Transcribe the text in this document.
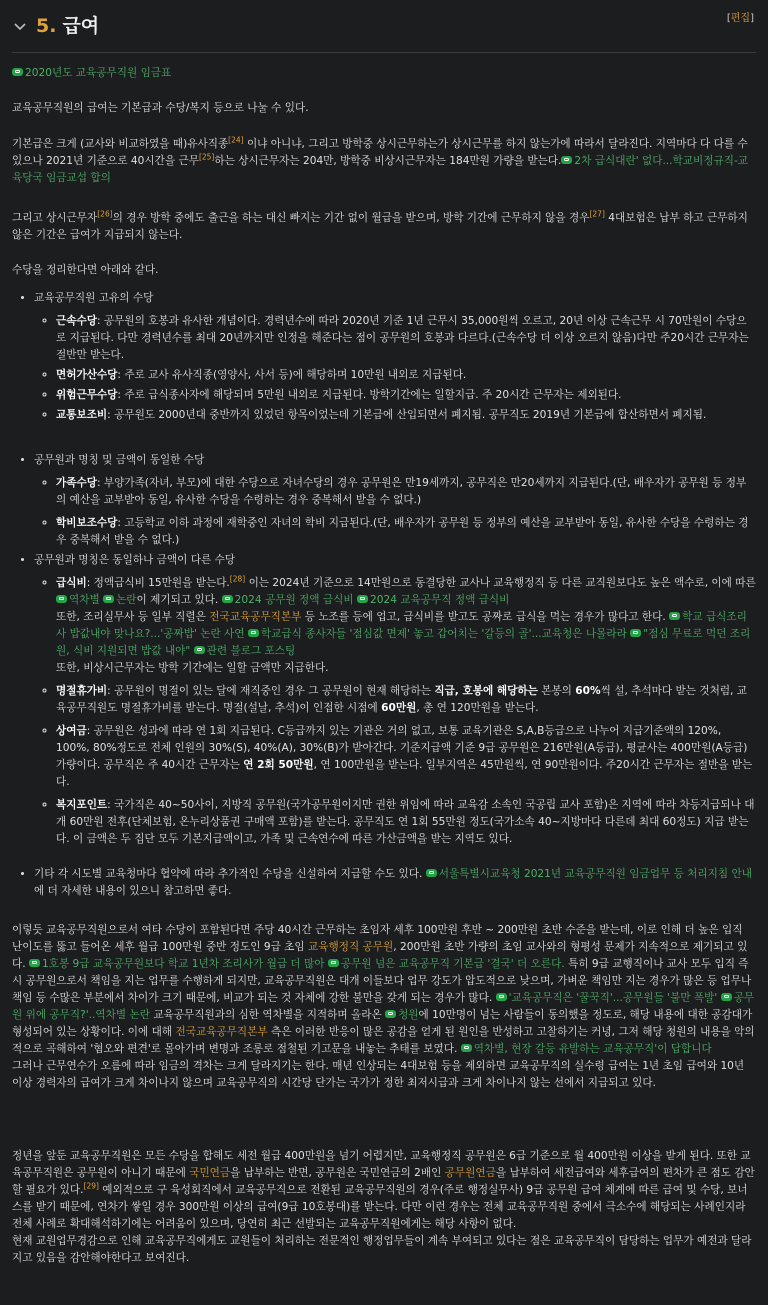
5. 급여	[편집]

2020년도 교육공무직원 임금표

교육공무직원의 급여는 기본급과 수당/복지 등으로 나눌 수 있다.

기본급은 크게 (교사와 비교하였을 때)유사직종[24] 이냐 아니냐, 그리고 방학중 상시근무하는가 상시근무를 하지 않는가에 따라서 달라진다. 지역마다 다 다를 수 있으나 2021년 기준으로 40시간을 근무[25]하는 상시근무자는 204만, 방학중 비상시근무자는 184만원 가량을 받는다. 2차 급식대란' 없다...학교비정규직-교육당국 임금교섭 합의

그리고 상시근무자[26]의 경우 방학 중에도 출근을 하는 대신 빠지는 기간 없이 월급을 받으며, 방학 기간에 근무하지 않을 경우[27] 4대보험은 납부 하고 근무하지 않은 기간은 급여가 지급되지 않는다.

수당을 정리한다면 아래와 같다.

• 교육공무직원 고유의 수당
◦ 근속수당: 공무원의 호봉과 유사한 개념이다. 경력년수에 따라 2020년 기준 1년 근무시 35,000원씩 오르고, 20년 이상 근속근무 시 70만원이 수당으로 지급된다. 다만 경력년수를 최대 20년까지만 인정을 해준다는 점이 공무원의 호봉과 다르다.(근속수당 더 이상 오르지 않음)다만 주20시간 근무자는 절반만 받는다.
◦ 면허가산수당: 주로 교사 유사직종(영양사, 사서 등)에 해당하며 10만원 내외로 지급된다.
◦ 위험근무수당: 주로 급식종사자에 해당되며 5만원 내외로 지급된다. 방학기간에는 일할지급. 주 20시간 근무자는 제외된다.
◦ 교통보조비: 공무원도 2000년대 중반까지 있었던 항목이었는데 기본급에 산입되면서 폐지됨. 공무직도 2019년 기본급에 합산하면서 폐지됨.
• 공무원과 명칭 및 금액이 동일한 수당
◦ 가족수당: 부양가족(자녀, 부모)에 대한 수당으로 자녀수당의 경우 공무원은 만19세까지, 공무직은 만20세까지 지급된다.(단, 배우자가 공무원 등 정부의 예산을 교부받아 동일, 유사한 수당을 수령하는 경우 중복해서 받을 수 없다.)
◦ 학비보조수당: 고등학교 이하 과정에 재학중인 자녀의 학비 지급된다.(단, 배우자가 공무원 등 정부의 예산을 교부받아 동일, 유사한 수당을 수령하는 경우 중복해서 받을 수 없다.)
• 공무원과 명칭은 동일하나 금액이 다른 수당
◦ 급식비: 정액급식비 15만원을 받는다.[28] 이는 2024년 기준으로 14만원으로 동결당한 교사나 교육행정직 등 다른 교직원보다도 높은 액수로, 이에 따른 역차별 논란이 제기되고 있다. 2024 공무원 정액 급식비 2024 교육공무직 정액 급식비
또한, 조리실무사 등 일부 직렬은 전국교육공무직본부 등 노조를 등에 업고, 급식비를 받고도 공짜로 급식을 먹는 경우가 많다고 한다. 학교 급식조리사 밥값내야 맞나요?...'공짜밥' 논란 사연 학교급식 종사자들 '점심값 면제' 놓고 갑어치는 '갈등의 골'...교육청은 나몰라라 "점심 무료로 먹던 조리원, 식비 지원되면 밥값 내야" 관련 블로그 포스팅
또한, 비상시근무자는 방학 기간에는 일할 금액만 지급한다.
◦ 명절휴가비: 공무원이 명절이 있는 달에 재직중인 경우 그 공무원이 현재 해당하는 직급, 호봉에 해당하는 본봉의 60%씩 설, 추석마다 받는 것처럼, 교육공무직원도 명절휴가비를 받는다. 명절(설날, 추석)이 인접한 시점에 60만원, 총 연 120만원을 받는다.
◦ 상여금: 공무원은 성과에 따라 연 1회 지급된다. C등급까지 있는 기관은 거의 없고, 보통 교육기관은 S,A,B등급으로 나누어 지급기준액의 120%, 100%, 80%정도로 전체 인원의 30%(S), 40%(A), 30%(B)가 받아간다. 기준지급액 기준 9급 공무원은 216만원(A등급), 평균사는 400만원(A등급) 가량이다. 공무직은 주 40시간 근무자는 연 2회 50만원, 연 100만원을 받는다. 일부지역은 45만원씩, 연 90만원이다. 주20시간 근무자는 절반을 받는다.
◦ 복지포인트: 국가직은 40~50사이, 지방직 공무원(국가공무원이지만 권한 위임에 따라 교육감 소속인 국공립 교사 포함)은 지역에 따라 차등지급되나 대개 60만원 전후(단체보험, 온누리상품권 구매액 포함)를 받는다. 공무직도 연 1회 55만원 정도(국가소속 40~지방마다 다른데 최대 60정도) 지급 받는다. 이 금액은 두 집단 모두 기본지급액이고, 가족 및 근속연수에 따른 가산금액을 받는 지역도 있다.
• 기타 각 시도별 교육청마다 협약에 따라 추가적인 수당을 신설하여 지급할 수도 있다. 서울특별시교육청 2021년 교육공무직원 임금업무 등 처리지침 안내에 더 자세한 내용이 있으니 참고하면 좋다.

이렇듯 교육공무직원으로서 여타 수당이 포함된다면 주당 40시간 근무하는 초임자 세후 100만원 후반 ~ 200만원 초반 수준을 받는데, 이로 인해 더 높은 입직 난이도를 뚫고 들어온 세후 월급 100만원 중반 정도인 9급 초임 교육행정직 공무원, 200만원 초반 가량의 초임 교사와의 형평성 문제가 지속적으로 제기되고 있다. 1호봉 9급 교육공무원보다 학교 1년차 조리사가 월급 더 많아 공무원 넘은 교육공무직 기본급 '결국' 더 오른다. 특히 9급 교행직이나 교사 모두 입직 즉시 공무원으로서 책임을 지는 업무를 수행하게 되지만, 교육공무직원은 대개 이들보다 업무 강도가 압도적으로 낮으며, 가벼운 책임만 지는 경우가 많은 등 업무나 책임 등 수많은 부분에서 차이가 크기 때문에, 비교가 되는 것 자체에 강한 불만을 갖게 되는 경우가 많다. '교육공무직은 '꿀꾹직'...공무원들 '불만 폭발' 공무원 위에 공무직?'..역차별 논란 교육공무직원과의 심한 역차별을 지적하며 올라온 청원에 10만명이 넘는 사람들이 동의했을 정도로, 해당 내용에 대한 공감대가 형성되어 있는 상황이다. 이에 대해 전국교육공무직본부 측은 이러한 반응이 많은 공감을 얻게 된 원인을 반성하고 고찰하기는 커녕, 그저 해당 청원의 내용을 악의적으로 곡해하여 '혐오와 편견'로 몰아가며 변명과 조롱로 점철된 기고문을 내놓는 추태를 보였다. 역차별, 현장 갈등 유발하는 교육공무직'이 답합니다
그러나 근무연수가 오름에 따라 임금의 격차는 크게 달라지기는 한다. 매년 인상되는 4대보험 등을 제외하면 교육공무직의 실수령 급여는 1년 초임 급여와 10년 이상 경력자의 급여가 크게 차이나지 않으며 교육공무직의 시간당 단가는 국가가 정한 최저시급과 크게 차이나지 않는 선에서 지급되고 있다.

정년을 앞둔 교육공무직원은 모든 수당을 합해도 세전 월급 400만원을 넘기 어렵지만, 교육행정직 공무원은 6급 기준으로 월 400만원 이상을 받게 된다. 또한 교육공무직원은 공무원이 아니기 때문에 국민연금을 납부하는 반면, 공무원은 국민연금의 2배인 공무원연금을 납부하여 세전급여와 세후급여의 편차가 큰 점도 감안할 필요가 있다.[29] 예외적으로 구 육성회직에서 교육공무직으로 전환된 교육공무직원의 경우(주로 행정실무사) 9급 공무원 급여 체계에 따른 급여 및 수당, 보너스를 받기 때문에, 연차가 쌓일 경우 300만원 이상의 급여(9급 10호봉대)를 받는다. 다만 이런 경우는 전체 교육공무직원 중에서 극소수에 해당되는 사례인지라 전체 사례로 확대해석하기에는 어려움이 있으며, 당연히 최근 선발되는 교육공무직원에게는 해당 사항이 없다.
현재 교원업무경감으로 인해 교육공무직에게도 교원들이 처리하는 전문적인 행정업무들이 계속 부여되고 있다는 점은 교육공무직이 담당하는 업무가 예전과 달라지고 있음을 감안해야한다고 보여진다.
